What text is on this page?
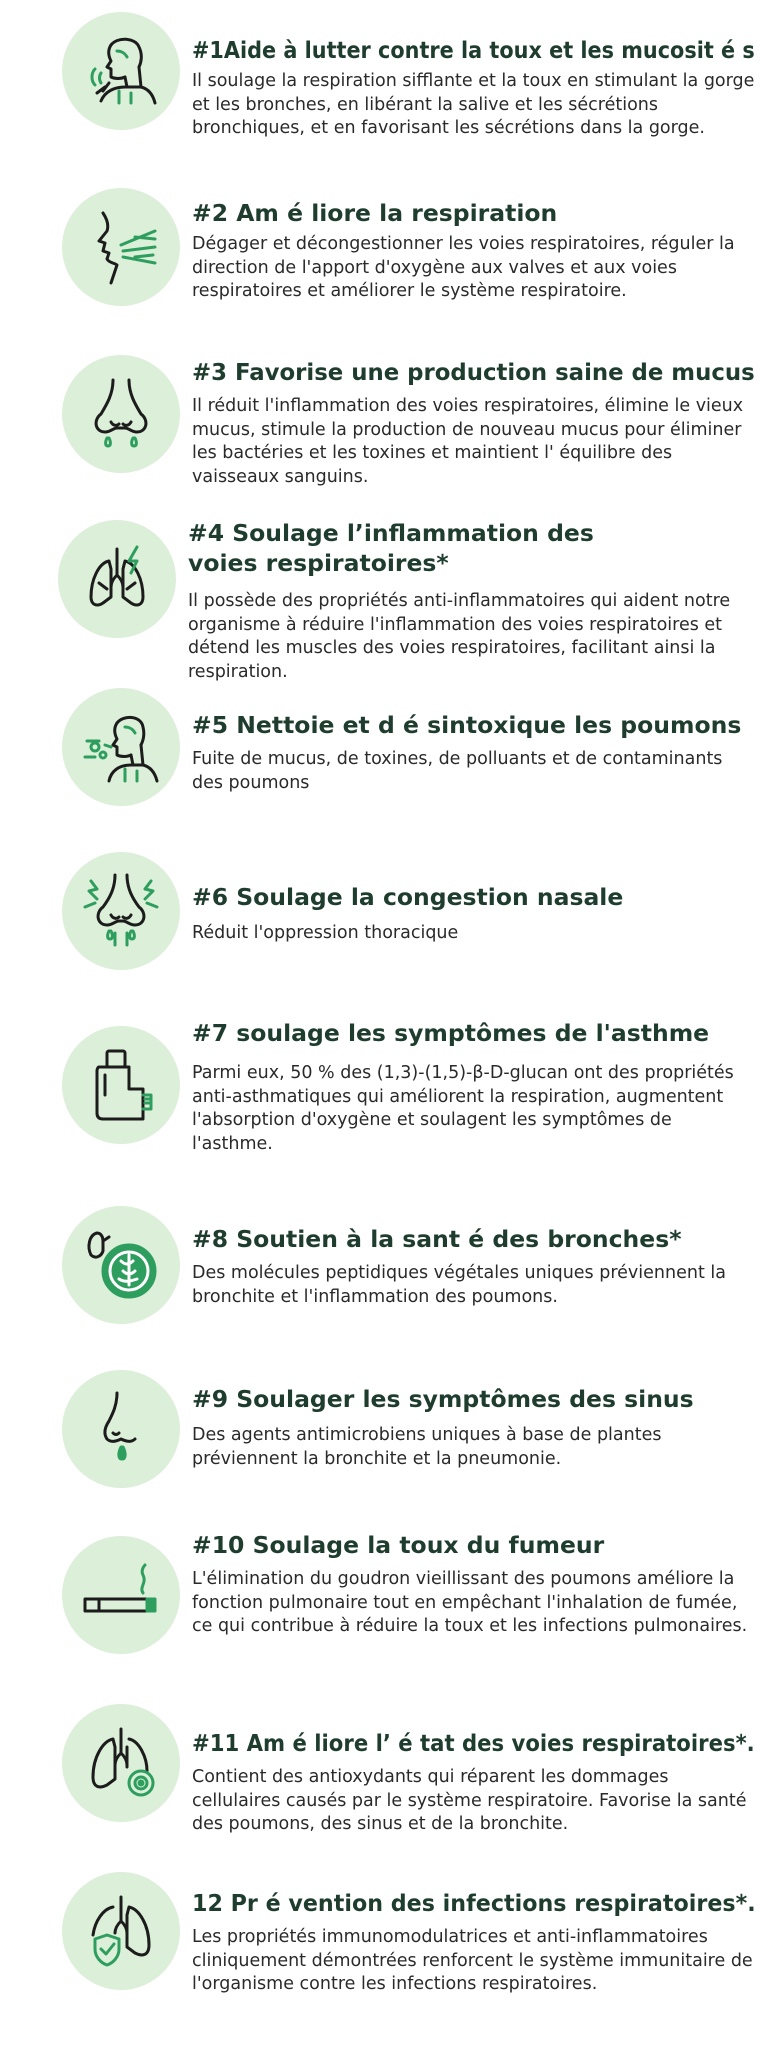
#1Aide à lutter contre la toux et les mucosit é s

Il soulage la respiration sifflante et la toux en stimulant la gorge et les bronches, en libérant la salive et les sécrétions bronchiques, et en favorisant les sécrétions dans la gorge.

#2 Am é liore la respiration

Dégager et décongestionner les voies respiratoires, réguler la direction de l'apport d'oxygène aux valves et aux voies respiratoires et améliorer le système respiratoire.

#3 Favorise une production saine de mucus

Il réduit l'inflammation des voies respiratoires, élimine le vieux mucus, stimule la production de nouveau mucus pour éliminer les bactéries et les toxines et maintient l' équilibre des vaisseaux sanguins.

#4 Soulage l’inflammation des voies respiratoires*

Il possède des propriétés anti-inflammatoires qui aident notre organisme à réduire l'inflammation des voies respiratoires et détend les muscles des voies respiratoires, facilitant ainsi la respiration.

#5 Nettoie et d é sintoxique les poumons

Fuite de mucus, de toxines, de polluants et de contaminants des poumons

#6 Soulage la congestion nasale

Réduit l'oppression thoracique

#7 soulage les symptômes de l'asthme

Parmi eux, 50 % des (1,3)-(1,5)-β-D-glucan ont des propriétés anti-asthmatiques qui améliorent la respiration, augmentent l'absorption d'oxygène et soulagent les symptômes de l'asthme.

#8 Soutien à la sant é des bronches*

Des molécules peptidiques végétales uniques préviennent la bronchite et l'inflammation des poumons.

#9 Soulager les symptômes des sinus

Des agents antimicrobiens uniques à base de plantes préviennent la bronchite et la pneumonie.

#10 Soulage la toux du fumeur

L'élimination du goudron vieillissant des poumons améliore la fonction pulmonaire tout en empêchant l'inhalation de fumée, ce qui contribue à réduire la toux et les infections pulmonaires.

#11 Am é liore l’ é tat des voies respiratoires*.

Contient des antioxydants qui réparent les dommages cellulaires causés par le système respiratoire. Favorise la santé des poumons, des sinus et de la bronchite.

12 Pr é vention des infections respiratoires*.

Les propriétés immunomodulatrices et anti-inflammatoires cliniquement démontrées renforcent le système immunitaire de l'organisme contre les infections respiratoires.
